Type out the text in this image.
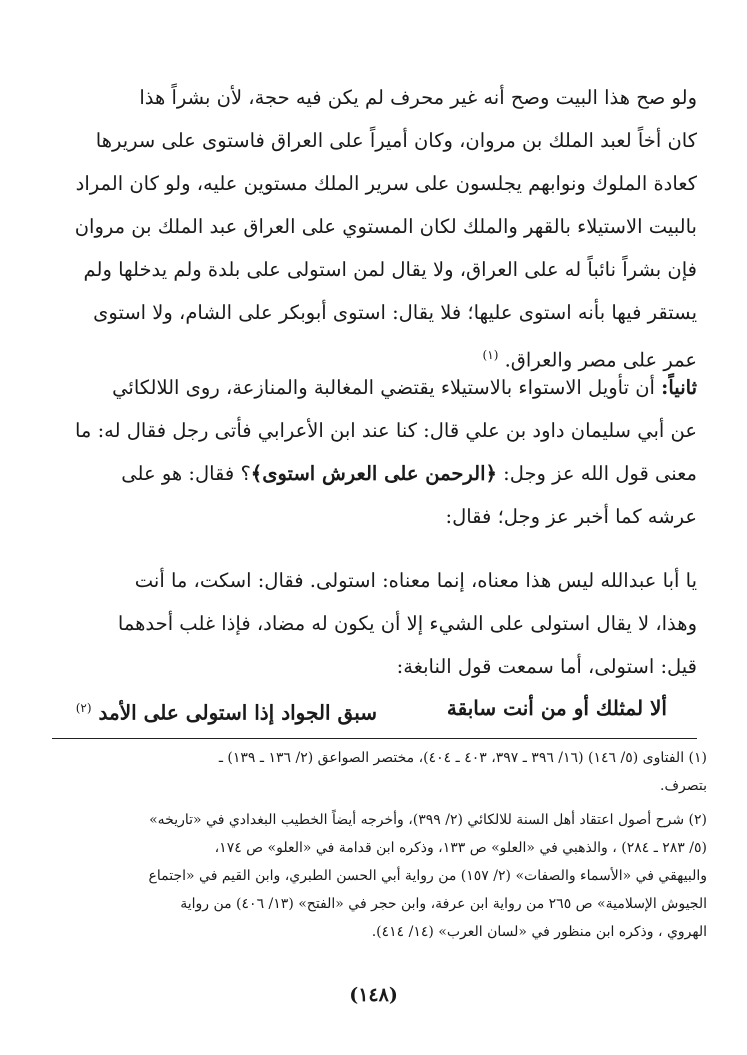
ولو صح هذا البيت وصح أنه غير محرف لم يكن فيه حجة، لأن بشراً هذا
كان أخاً لعبد الملك بن مروان، وكان أميراً على العراق فاستوى على سريرها
كعادة الملوك ونوابهم يجلسون على سرير الملك مستوين عليه، ولو كان المراد
بالبيت الاستيلاء بالقهر والملك لكان المستوي على العراق عبد الملك بن مروان
فإن بشراً نائباً له على العراق، ولا يقال لمن استولى على بلدة ولم يدخلها ولم
يستقر فيها بأنه استوى عليها؛ فلا يقال: استوى أبوبكر على الشام، ولا استوى
عمر على مصر والعراق. $^{(١)}$
ثانياً: أن تأويل الاستواء بالاستيلاء يقتضي المغالبة والمنازعة، روى اللالكائي
عن أبي سليمان داود بن علي قال: كنا عند ابن الأعرابي فأتى رجل فقال له: ما
معنى قول الله عز وجل: ﴿الرحمن على العرش استوى﴾؟ فقال: هو على
عرشه كما أخبر عز وجل؛ فقال:
يا أبا عبدالله ليس هذا معناه، إنما معناه: استولى. فقال: اسكت، ما أنت
وهذا، لا يقال استولى على الشيء إلا أن يكون له مضاد، فإذا غلب أحدهما
قيل: استولى، أما سمعت قول النابغة:
ألا لمثلك أو من أنت سابقة
سبق الجواد إذا استولى على الأمد $^{(٢)}$
(١) الفتاوى (٥/ ١٤٦) (١٦/ ٣٩٦ ـ ٣٩٧، ٤٠٣ ـ ٤٠٤)، مختصر الصواعق (٢/ ١٣٦ ـ ١٣٩) ـ
بتصرف.
(٢) شرح أصول اعتقاد أهل السنة للالكائي (٢/ ٣٩٩)، وأخرجه أيضاً الخطيب البغدادي في «تاريخه»
(٥/ ٢٨٣ ـ ٢٨٤) ، والذهبي في «العلو» ص ١٣٣، وذكره ابن قدامة في «العلو» ص ١٧٤،
والبيهقي في «الأسماء والصفات» (٢/ ١٥٧) من رواية أبي الحسن الطبري، وابن القيم في «اجتماع
الجيوش الإسلامية» ص ٢٦٥ من رواية ابن عرفة، وابن حجر في «الفتح» (١٣/ ٤٠٦) من رواية
الهروي ، وذكره ابن منظور في «لسان العرب» (١٤/ ٤١٤).
(١٤٨)
